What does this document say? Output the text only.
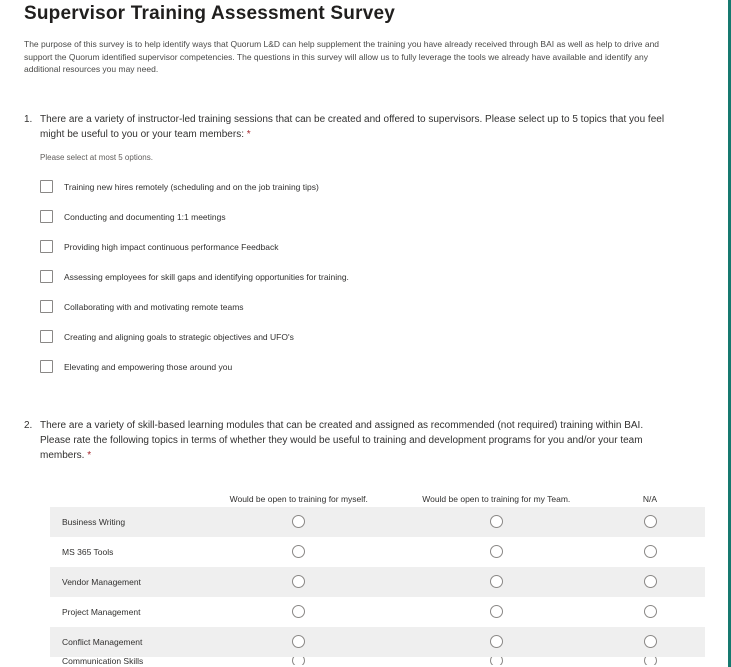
Supervisor Training Assessment Survey
The purpose of this survey is to help identify ways that Quorum L&D can help supplement the training you have already received through BAI as well as help to drive and support the Quorum identified supervisor competencies. The questions in this survey will allow us to fully leverage the tools we already have available and identify any additional resources you may need.
1. There are a variety of instructor-led training sessions that can be created and offered to supervisors. Please select up to 5 topics that you feel might be useful to you or your team members: *
Please select at most 5 options.
Training new hires remotely (scheduling and on the job training tips)
Conducting and documenting 1:1 meetings
Providing high impact continuous performance Feedback
Assessing employees for skill gaps and identifying opportunities for training.
Collaborating with and motivating remote teams
Creating and aligning goals to strategic objectives and UFO's
Elevating and empowering those around you
2. There are a variety of skill-based learning modules that can be created and assigned as recommended (not required) training within BAI. Please rate the following topics in terms of whether they would be useful to training and development programs for you and/or your team members. *
Would be open to training for myself.	Would be open to training for my Team.	N/A
Business Writing
MS 365 Tools
Vendor Management
Project Management
Conflict Management
Communication Skills
